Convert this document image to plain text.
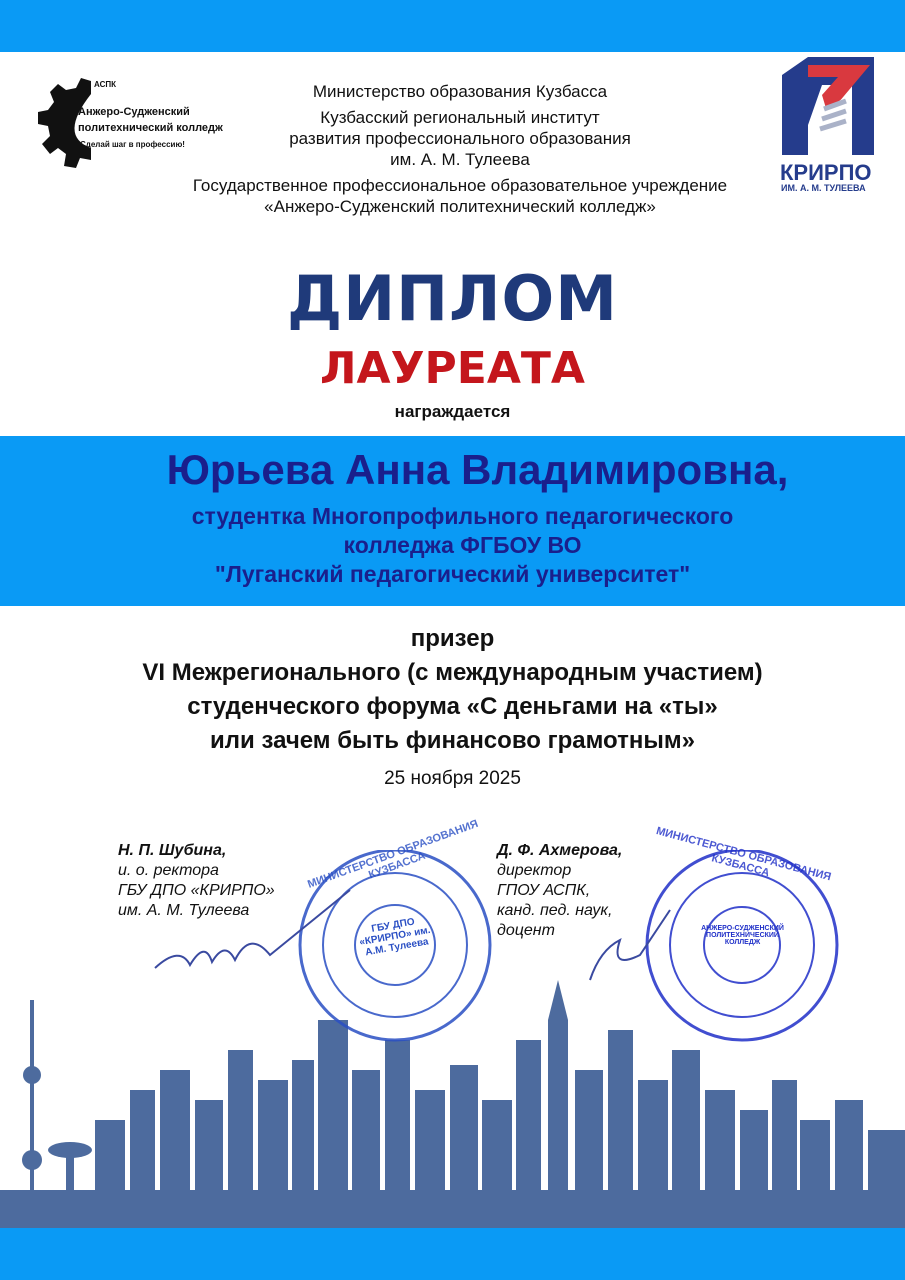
АСПК
Анжеро-Судженский
политехнический колледж
Сделай шаг в профессию!
Министерство образования Кузбасса
Кузбасский региональный институт
развития профессионального образования
им. А. М. Тулеева
Государственное профессиональное образовательное учреждение
«Анжеро-Судженский политехнический колледж»
КРИРПО
ИМ. А. М. ТУЛЕЕВА
ДИПЛОМ
ЛАУРЕАТА
награждается
Юрьева Анна Владимировна,
студентка Многопрофильного педагогического
колледжа ФГБОУ ВО
"Луганский педагогический университет"
призер
VI Межрегионального (с международным участием)
студенческого форума «С деньгами на «ты»
или зачем быть финансово грамотным»
25 ноября 2025
Н. П. Шубина,
и. о. ректора
ГБУ ДПО «КРИРПО»
им. А. М. Тулеева
Д. Ф. Ахмерова,
директор
ГПОУ АСПК,
канд. пед. наук,
доцент
ГБУ ДПО «КРИРПО» им. А.М. Тулеева
МИНИСТЕРСТВО ОБРАЗОВАНИЯ КУЗБАССА	МИНИСТЕРСТВО ОБРАЗОВАНИЯ КУЗБАССА
АНЖЕРО-СУДЖЕНСКИЙ ПОЛИТЕХНИЧЕСКИЙ КОЛЛЕДЖ
